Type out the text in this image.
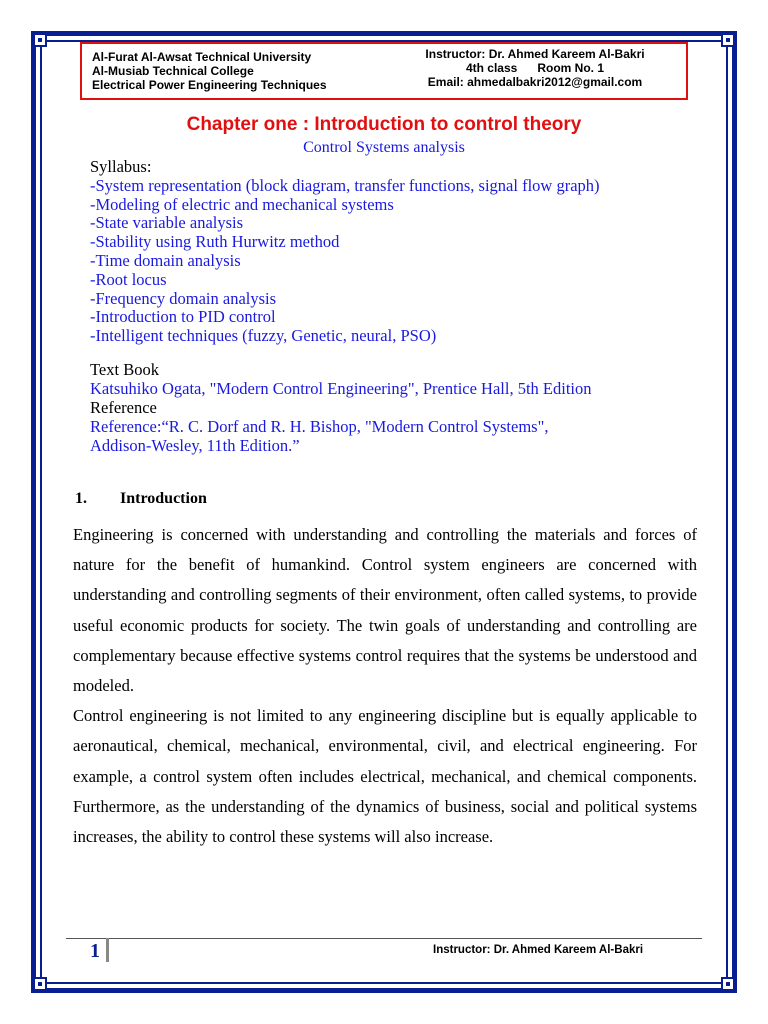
Al-Furat Al-Awsat Technical University
Al-Musiab Technical College
Electrical Power Engineering Techniques
Instructor: Dr. Ahmed Kareem Al-Bakri
4th class      Room No. 1
Email: ahmedalbakri2012@gmail.com
Chapter one : Introduction to control theory
Control Systems analysis
Syllabus:
-System representation (block diagram, transfer functions, signal flow graph)
-Modeling of electric and mechanical systems
-State variable analysis
-Stability using Ruth Hurwitz method
-Time domain analysis
-Root locus
-Frequency domain analysis
-Introduction to PID control
-Intelligent techniques (fuzzy, Genetic, neural, PSO)
Text Book
Katsuhiko Ogata, "Modern Control Engineering", Prentice Hall, 5th Edition
Reference
Reference:“R. C. Dorf and R. H. Bishop, "Modern Control Systems",
Addison-Wesley, 11th Edition.”
1. Introduction

Engineering is concerned with understanding and controlling the materials and forces of nature for the benefit of humankind. Control system engineers are concerned with understanding and controlling segments of their environment, often called systems, to provide useful economic products for society. The twin goals of understanding and controlling are complementary because effective systems control requires that the systems be understood and modeled.

Control engineering is not limited to any engineering discipline but is equally applicable to aeronautical, chemical, mechanical, environmental, civil, and electrical engineering. For example, a control system often includes electrical, mechanical, and chemical components. Furthermore, as the understanding of the dynamics of business, social and political systems increases, the ability to control these systems will also increase.

1	Instructor: Dr. Ahmed Kareem Al-Bakri
